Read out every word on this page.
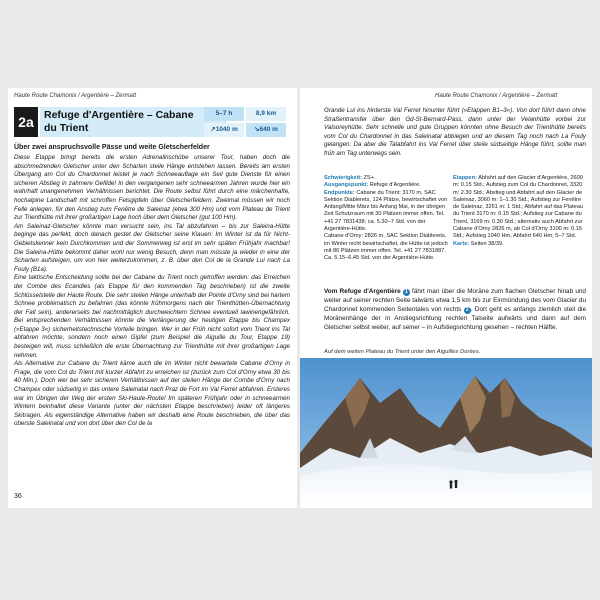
Haute Route Chamonix / Argentière – Zermatt
2a Refuge d'Argentière – Cabane
du Trient
5–7 h	8,9 km
↗1040 m	↘640 m
Über zwei anspruchsvolle Pässe und weite Gletscherfelder
Diese Etappe bringt bereits die ersten Adrenalinschübe unserer Tour, haben doch die abschmelzenden Gletscher unter den Scharten steile Hänge entstehen lassen. Bereits am ersten Übergang am Col du Chardonnet leistet je nach Schneeauflage ein Seil gute Dienste für einen sicheren Abstieg in zahmere Gefilde! In den vergangenen sehr schneearmen Jahren wurde hier ein wahrhaft unangenehmen Verhältnissen berichtet. Die Route selbst führt durch eine märchenhafte, hochalpine Landschaft mit schroffen Felsgipfeln über Gletscherfeldern. Zweimal müssen wir noch Felle anlegen, für den Anstieg zum Fenêtre de Saleinaz (etwa 300 Hm) und vom Plateau de Trient zur Trienthütte mit ihrer großartigen Lage hoch über dem Gletscher (gut 100 Hm).
Am Saleinaz-Gletscher könnte man versucht sein, ins Tal abzufahren – bis zur Saleina-Hütte beginge das perfekt, doch danach gestet der Gletscher seine Klauen: Im Winter ist da für Nicht-Gebietskenner kein Durchkommen und der Sommerweg ist erst im sehr späten Frühjahr machbar! Die Saleina-Hütte bekommt daher wohl nur wenig Besuch, denn man müsste ja wieder in eine der Scharten aufsteigen, um von hier weiterzukommen, z. B. über den Col de la Grande Lui nach La Fouly (B1a).
Eine taktische Entscheidung sollte bei der Cabane du Trient noch getroffen werden: das Erreichen der Combe des Ecandies (als Etappe für den kommenden Tag beschrieben) ist die zweite Schlüsselstelle der Haute Route. Die sehr steilen Hänge unterhalb der Pointe d'Orny sind bei hartem Schnee problematisch zu befahren (das könnte frühmorgens nach der Trienthütten-Übernachtung der Fall sein), andererseits bei nachmittäglich durchweichtem Schnee eventuell lawinengefährlich. Bei entsprechenden Verhältnissen könnte die Verlängerung der heutigen Etappe bis Champex (»Etappe 3«) sicherheitstechnische Vorteile bringen. Wer in der Früh nicht sofort vom Trient ins Tal abfahren möchte, sondern noch einen Gipfel (zum Beispiel die Aiguille du Tour, Etappe 19) besteigen will, muss schließlich die erste Übernachtung zur Trienthütte mit ihrer großartigen Lage nehmen.
Als Alternative zur Cabane du Trient käme auch die im Winter nicht bewartete Cabane d'Orny in Frage, die vom Col du Trient mit kurzer Abfahrt zu erreichen ist (zurück zum Col d'Orny etwa 30 bis 40 Min.). Doch wer bei sehr sicheren Verhältnissen auf der steilen Hänge der Combe d'Orny nach Champex oder südseitig in das untere Saleinatal nach Praz de Fort im Val Ferret abfahren. Ersteres war im Übrigen der Weg der ersten Ski-Haute-Route! Im späteren Frühjahr oder in schneearmen Wintern beinhaltet diese Variante (unter der nächsten Etappe beschrieben) leider oft längeres Skitragen. Als eigenständige Alternative haben wir deshalb eine Route beschrieben, die über das oberste Saleinatal und von dort über den Col de la
36
Haute Route Chamonix / Argentière – Zermatt
Grande Lui ins hinterste Val Ferret hinunter führt (»Etappen B1–3«). Von dort führt dann ohne Straßentransfer über den Gd-St-Bernard-Pass, dann unter der Velanhütte vorbei zur Valsoreyhütte. Sehr schnelle und gute Gruppen könnten ohne Besuch der Trienthütte bereits vom Col du Chardonnet in das Saleinatal abbiegen und an diesem Tag noch nach La Fouly gelangen. Da aber die Talabfahrt ins Val Ferret über steile südseitige Hänge führt, sollte man früh am Tag unterwegs sein.
Schwierigkeit: ZS+.
Ausgangspunkt: Refuge d'Argentière.
Endpunkte: Cabane du Trient: 3170 m, SAC Sektion Diablerets, 124 Plätze, bewirtschaftet von Anfang/Mitte März bis Anfang Mai, in der übrigen Zeit Schutzraum mit 30 Plätzen immer offen. Tel. +41 27 7831438; ca. 5.30–7 Std. von der Argentière-Hütte.
Cabane d'Orny: 2826 m, SAC Sektion Diablerets, im Winter nicht bewirtschaftet, die Hütte ist jedoch mit 86 Plätzen immer offen. Tel. +41 27 7831887. Ca. 5.15–6.45 Std. von der Argentière-Hütte.
Etappen: Abfahrt auf den Glacier d'Argentière, 2600 m: 0.15 Std.; Aufstieg zum Col du Chardonnet, 3320 m: 2.30 Std.; Abstieg und Abfahrt auf den Glacier de Saleinaz, 3060 m: 1–1.30 Std.; Aufstieg zur Fenêtre de Saleinaz, 3261 m: 1 Std.; Abfahrt auf das Plateau du Trient 3170 m: 0.15 Std.; Aufstieg zur Cabane du Trient, 3169 m: 0.30 Std.; alternativ auch Abfahrt zur Cabane d'Orny 2826 m, ab Col d'Orny 3100 m: 0.15 Std.; Aufstieg 1040 Hm, Abfahrt 640 Hm; 5–7 Std.
Karte: Seiten 38/39.
Vom Refuge d'Argentière 1 fährt man über die Moräne zum flachen Gletscher hinab und weiter auf seiner rechten Seite talwärts etwa 1,5 km bis zur Einmündung des vom Glacier du Chardonnet kommenden Seitentales von rechts 2 . Dort geht es anfangs ziemlich steil die Moränenhänge der in Anstiegsrichtung rechten Talseite aufwärts und dann auf dem Gletscher selbst weiter, auf seiner – in Aufstiegsrichtung gesehen – rechten Hälfte.
Auf dem weiten Plateau du Trient unter den Aiguilles Dorées.
